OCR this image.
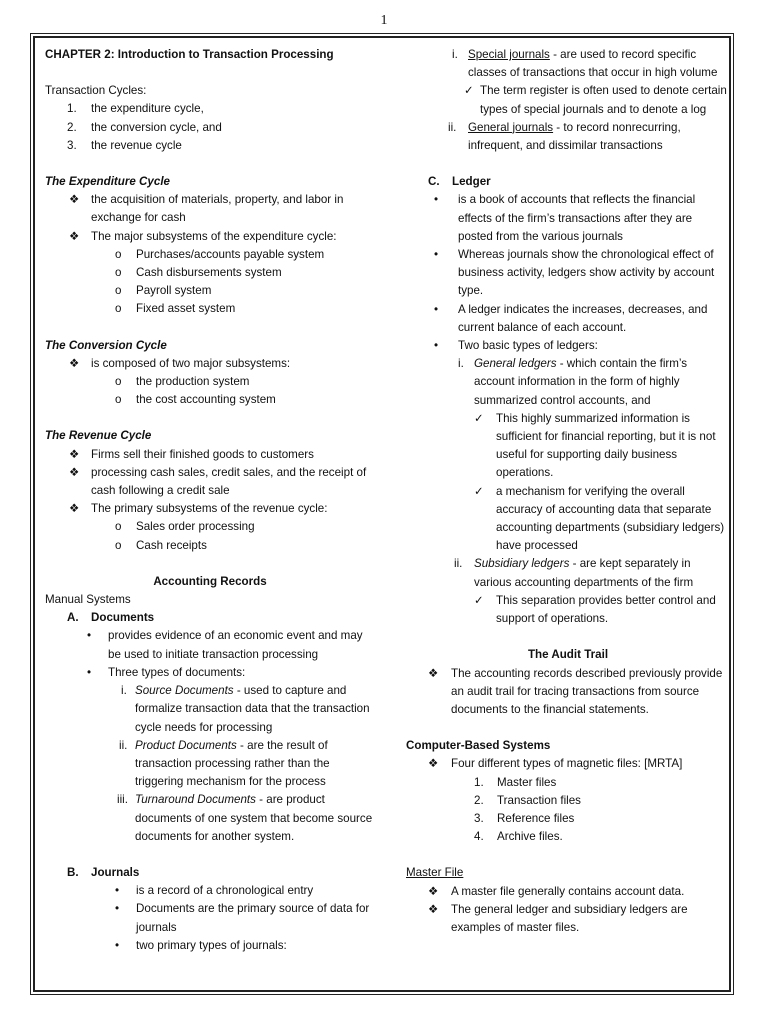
1
CHAPTER 2: Introduction to Transaction Processing
Transaction Cycles:
1. the expenditure cycle,
2. the conversion cycle, and
3. the revenue cycle
The Expenditure Cycle
❖ the acquisition of materials, property, and labor in exchange for cash
❖ The major subsystems of the expenditure cycle:
o Purchases/accounts payable system
o Cash disbursements system
o Payroll system
o Fixed asset system
The Conversion Cycle
❖ is composed of two major subsystems:
o the production system
o the cost accounting system
The Revenue Cycle
❖ Firms sell their finished goods to customers
❖ processing cash sales, credit sales, and the receipt of cash following a credit sale
❖ The primary subsystems of the revenue cycle:
o Sales order processing
o Cash receipts
Accounting Records
Manual Systems
A. Documents
• provides evidence of an economic event and may be used to initiate transaction processing
• Three types of documents:
i. Source Documents - used to capture and formalize transaction data that the transaction cycle needs for processing
ii. Product Documents - are the result of transaction processing rather than the triggering mechanism for the process
iii. Turnaround Documents - are product documents of one system that become source documents for another system.
B. Journals
• is a record of a chronological entry
• Documents are the primary source of data for journals
• two primary types of journals:
i. Special journals - are used to record specific classes of transactions that occur in high volume
✓ The term register is often used to denote certain types of special journals and to denote a log
ii. General journals - to record nonrecurring, infrequent, and dissimilar transactions
C. Ledger
• is a book of accounts that reflects the financial effects of the firm’s transactions after they are posted from the various journals
• Whereas journals show the chronological effect of business activity, ledgers show activity by account type.
• A ledger indicates the increases, decreases, and current balance of each account.
• Two basic types of ledgers:
i. General ledgers - which contain the firm’s account information in the form of highly summarized control accounts, and
✓ This highly summarized information is sufficient for financial reporting, but it is not useful for supporting daily business operations.
✓ a mechanism for verifying the overall accuracy of accounting data that separate accounting departments (subsidiary ledgers) have processed
ii. Subsidiary ledgers - are kept separately in various accounting departments of the firm
✓ This separation provides better control and support of operations.
The Audit Trail
❖ The accounting records described previously provide an audit trail for tracing transactions from source documents to the financial statements.
Computer-Based Systems
❖ Four different types of magnetic files: [MRTA]
1. Master files
2. Transaction files
3. Reference files
4. Archive files.
Master File
❖ A master file generally contains account data.
❖ The general ledger and subsidiary ledgers are examples of master files.
